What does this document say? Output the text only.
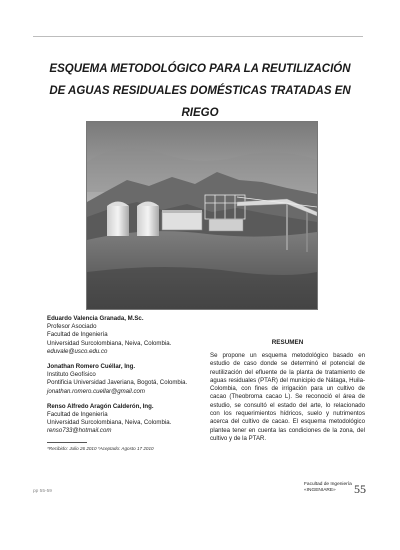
ESQUEMA METODOLÓGICO PARA LA REUTILIZACIÓN
DE AGUAS RESIDUALES DOMÉSTICAS TRATADAS EN
RIEGO
Eduardo Valencia Granada, M.Sc.
Profesor Asociado
Facultad de Ingeniería
Universidad Surcolombiana, Neiva, Colombia.
eduvale@usco.edu.co
Jonathan Romero Cuéllar, Ing.
Instituto Geofísico
Pontificia Universidad Javeriana, Bogotá, Colombia.
jonathan.romero.cuellar@gmail.com
Renso Alfredo Aragón Calderón, Ing.
Facultad de Ingeniería
Universidad Surcolombiana, Neiva, Colombia.
renso733@hotmail.com
RESUMEN
Se propone un esquema metodológico basado en estudio de caso donde se determinó el potencial de reutilización del efluente de la planta de tratamiento de aguas residuales (PTAR) del municipio de Nátaga, Huila-Colombia, con fines de irrigación para un cultivo de cacao (Theobroma cacao L). Se reconoció el área de estudio, se consultó el estado del arte, lo relacionado con los requerimientos hídricos, suelo y nutrimentos acerca del cultivo de cacao. El esquema metodológico plantea tener en cuenta las condiciones de la zona, del cultivo y de la PTAR.
*Recibido: Julio 26 2010 *Aceptado: Agosto 17 2010
pp 55-59
Facultad de Ingeniería
«INGENIARE»	55
